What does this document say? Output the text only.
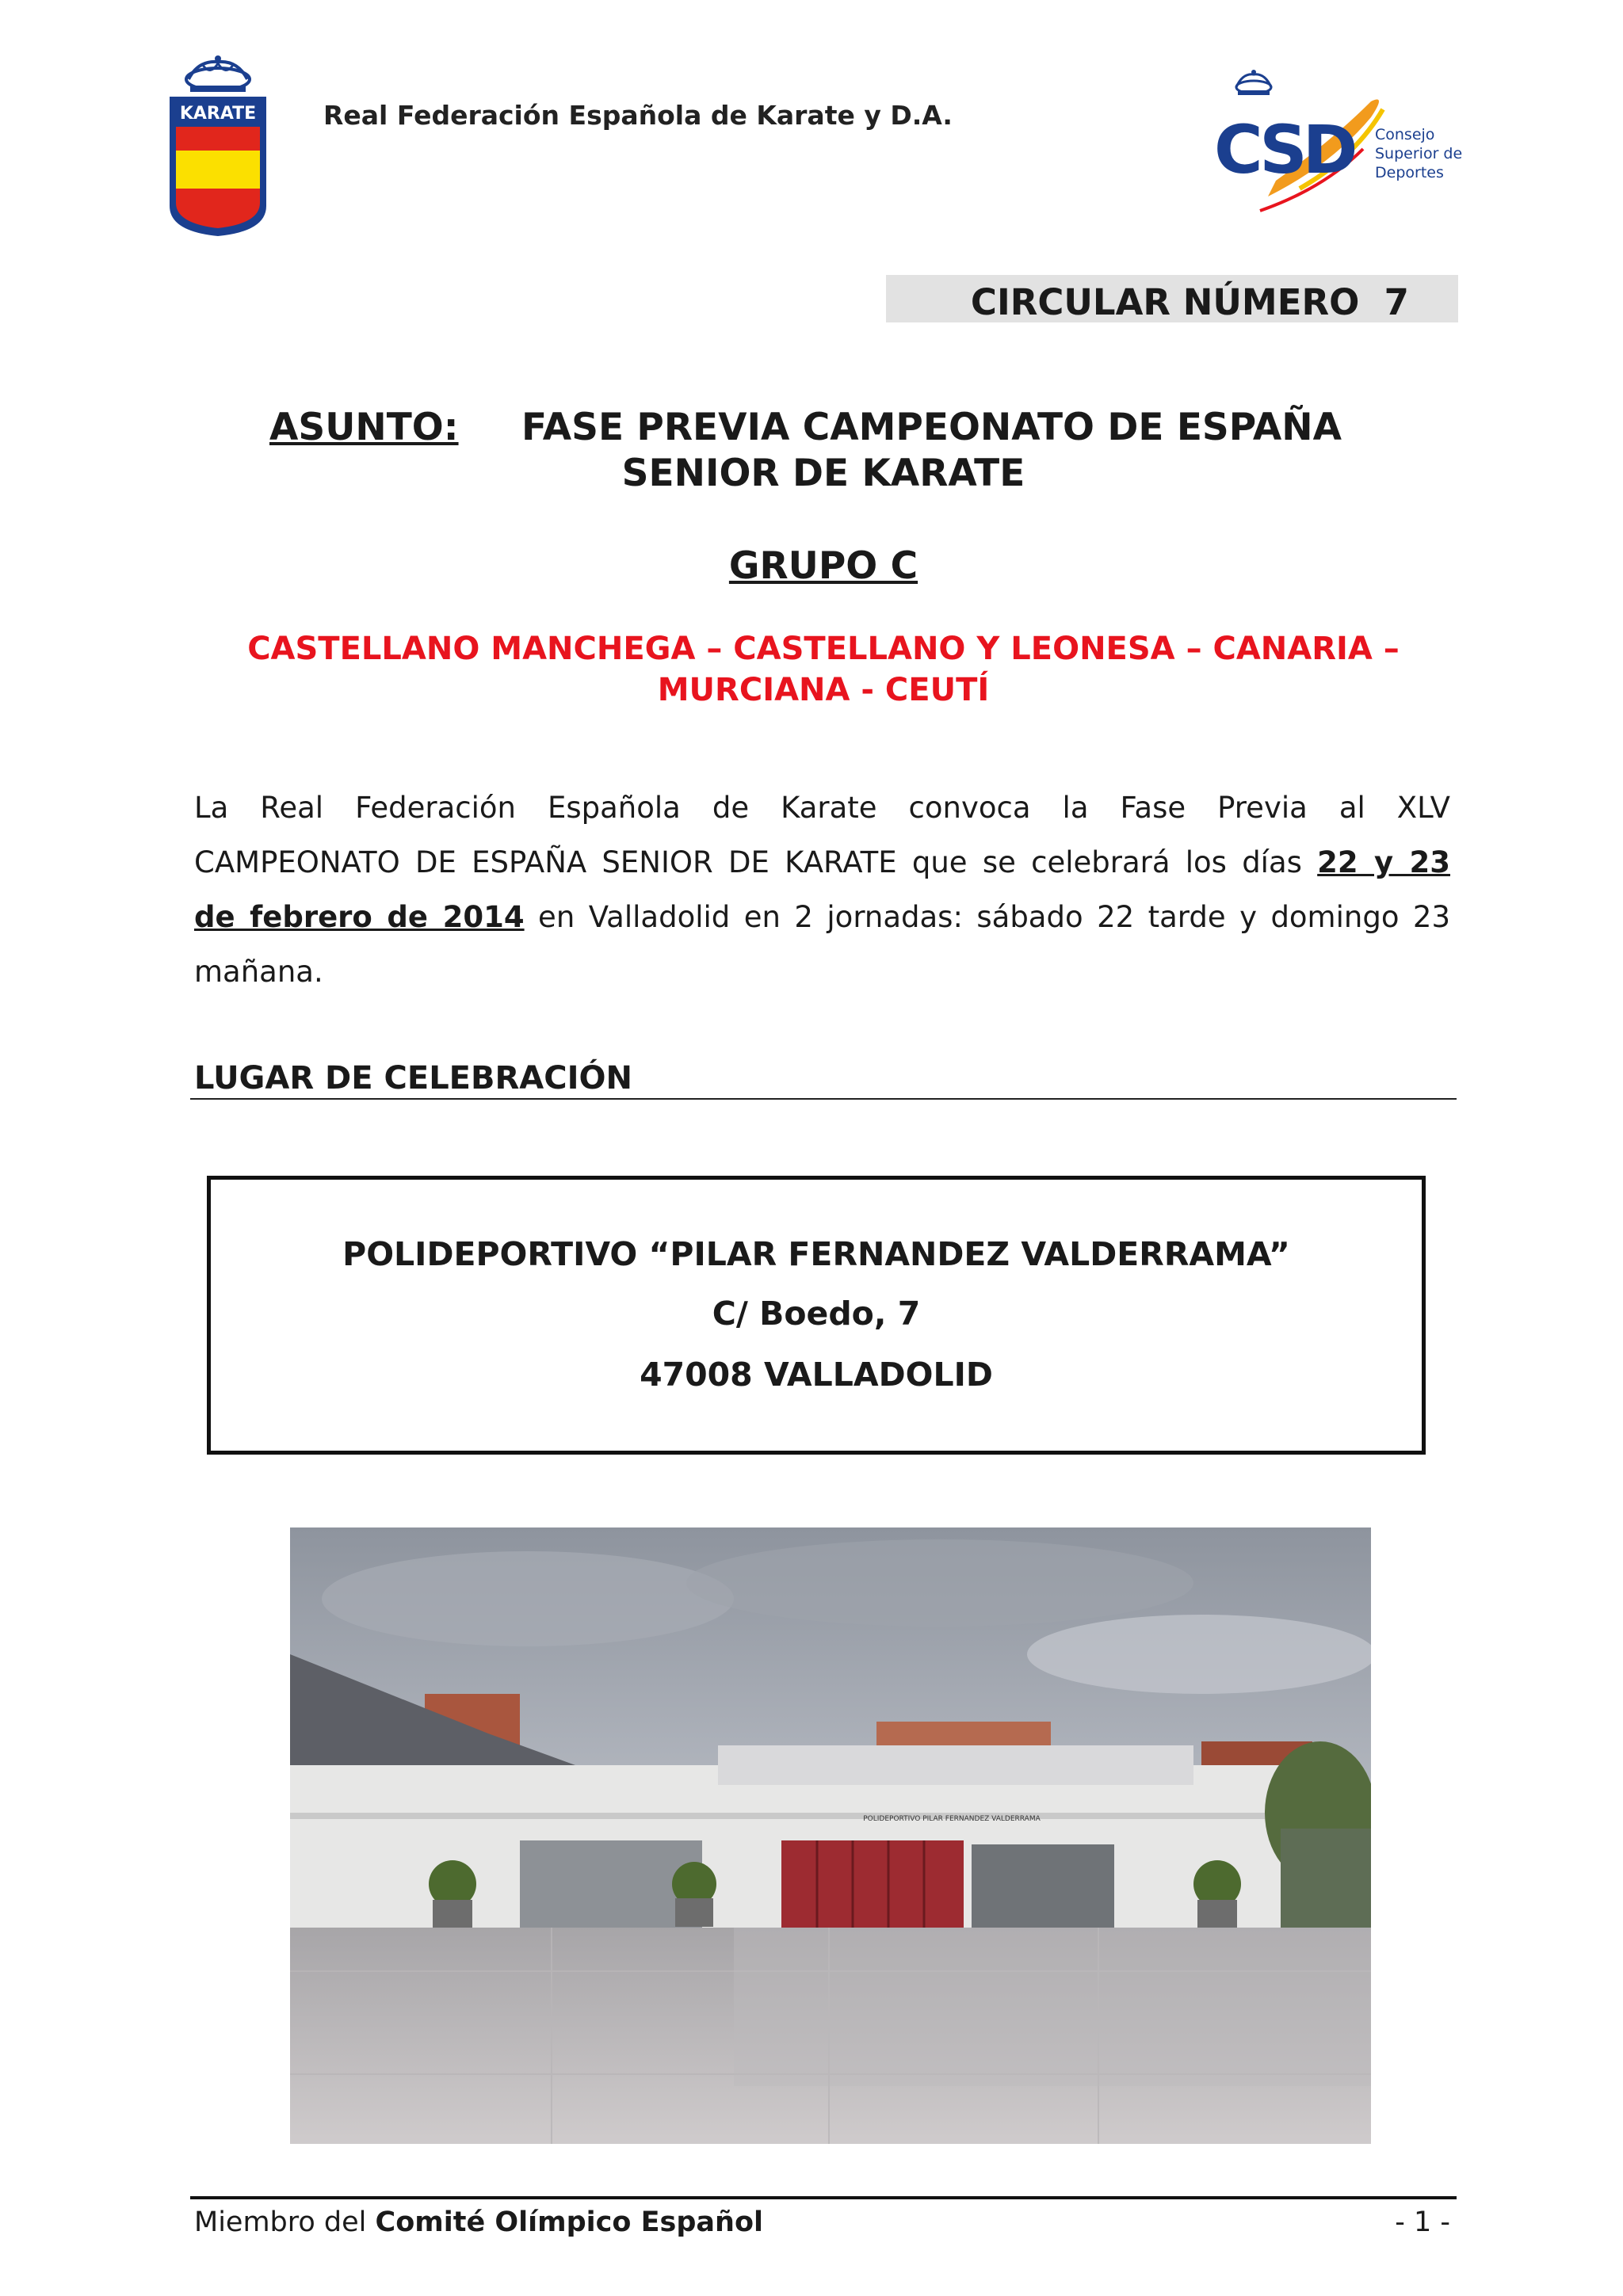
KARATE	Real Federación Española de Karate y D.A.	CSD Consejo
Superior de
Deportes
CIRCULAR NÚMERO  7
ASUNTO: FASE PREVIA CAMPEONATO DE ESPAÑA
SENIOR DE KARATE
GRUPO C
CASTELLANO MANCHEGA – CASTELLANO Y LEONESA – CANARIA –
MURCIANA - CEUTÍ
La Real Federación Española de Karate convoca la Fase Previa al XLV
CAMPEONATO DE ESPAÑA SENIOR DE KARATE que se celebrará los días 22 y 23
de febrero de 2014 en Valladolid en 2 jornadas: sábado 22 tarde y domingo 23
mañana.
LUGAR DE CELEBRACIÓN
POLIDEPORTIVO “PILAR FERNANDEZ VALDERRAMA”
C/ Boedo, 7
47008 VALLADOLID
POLIDEPORTIVO PILAR FERNANDEZ VALDERRAMA
Miembro del Comité Olímpico Español	- 1 -
